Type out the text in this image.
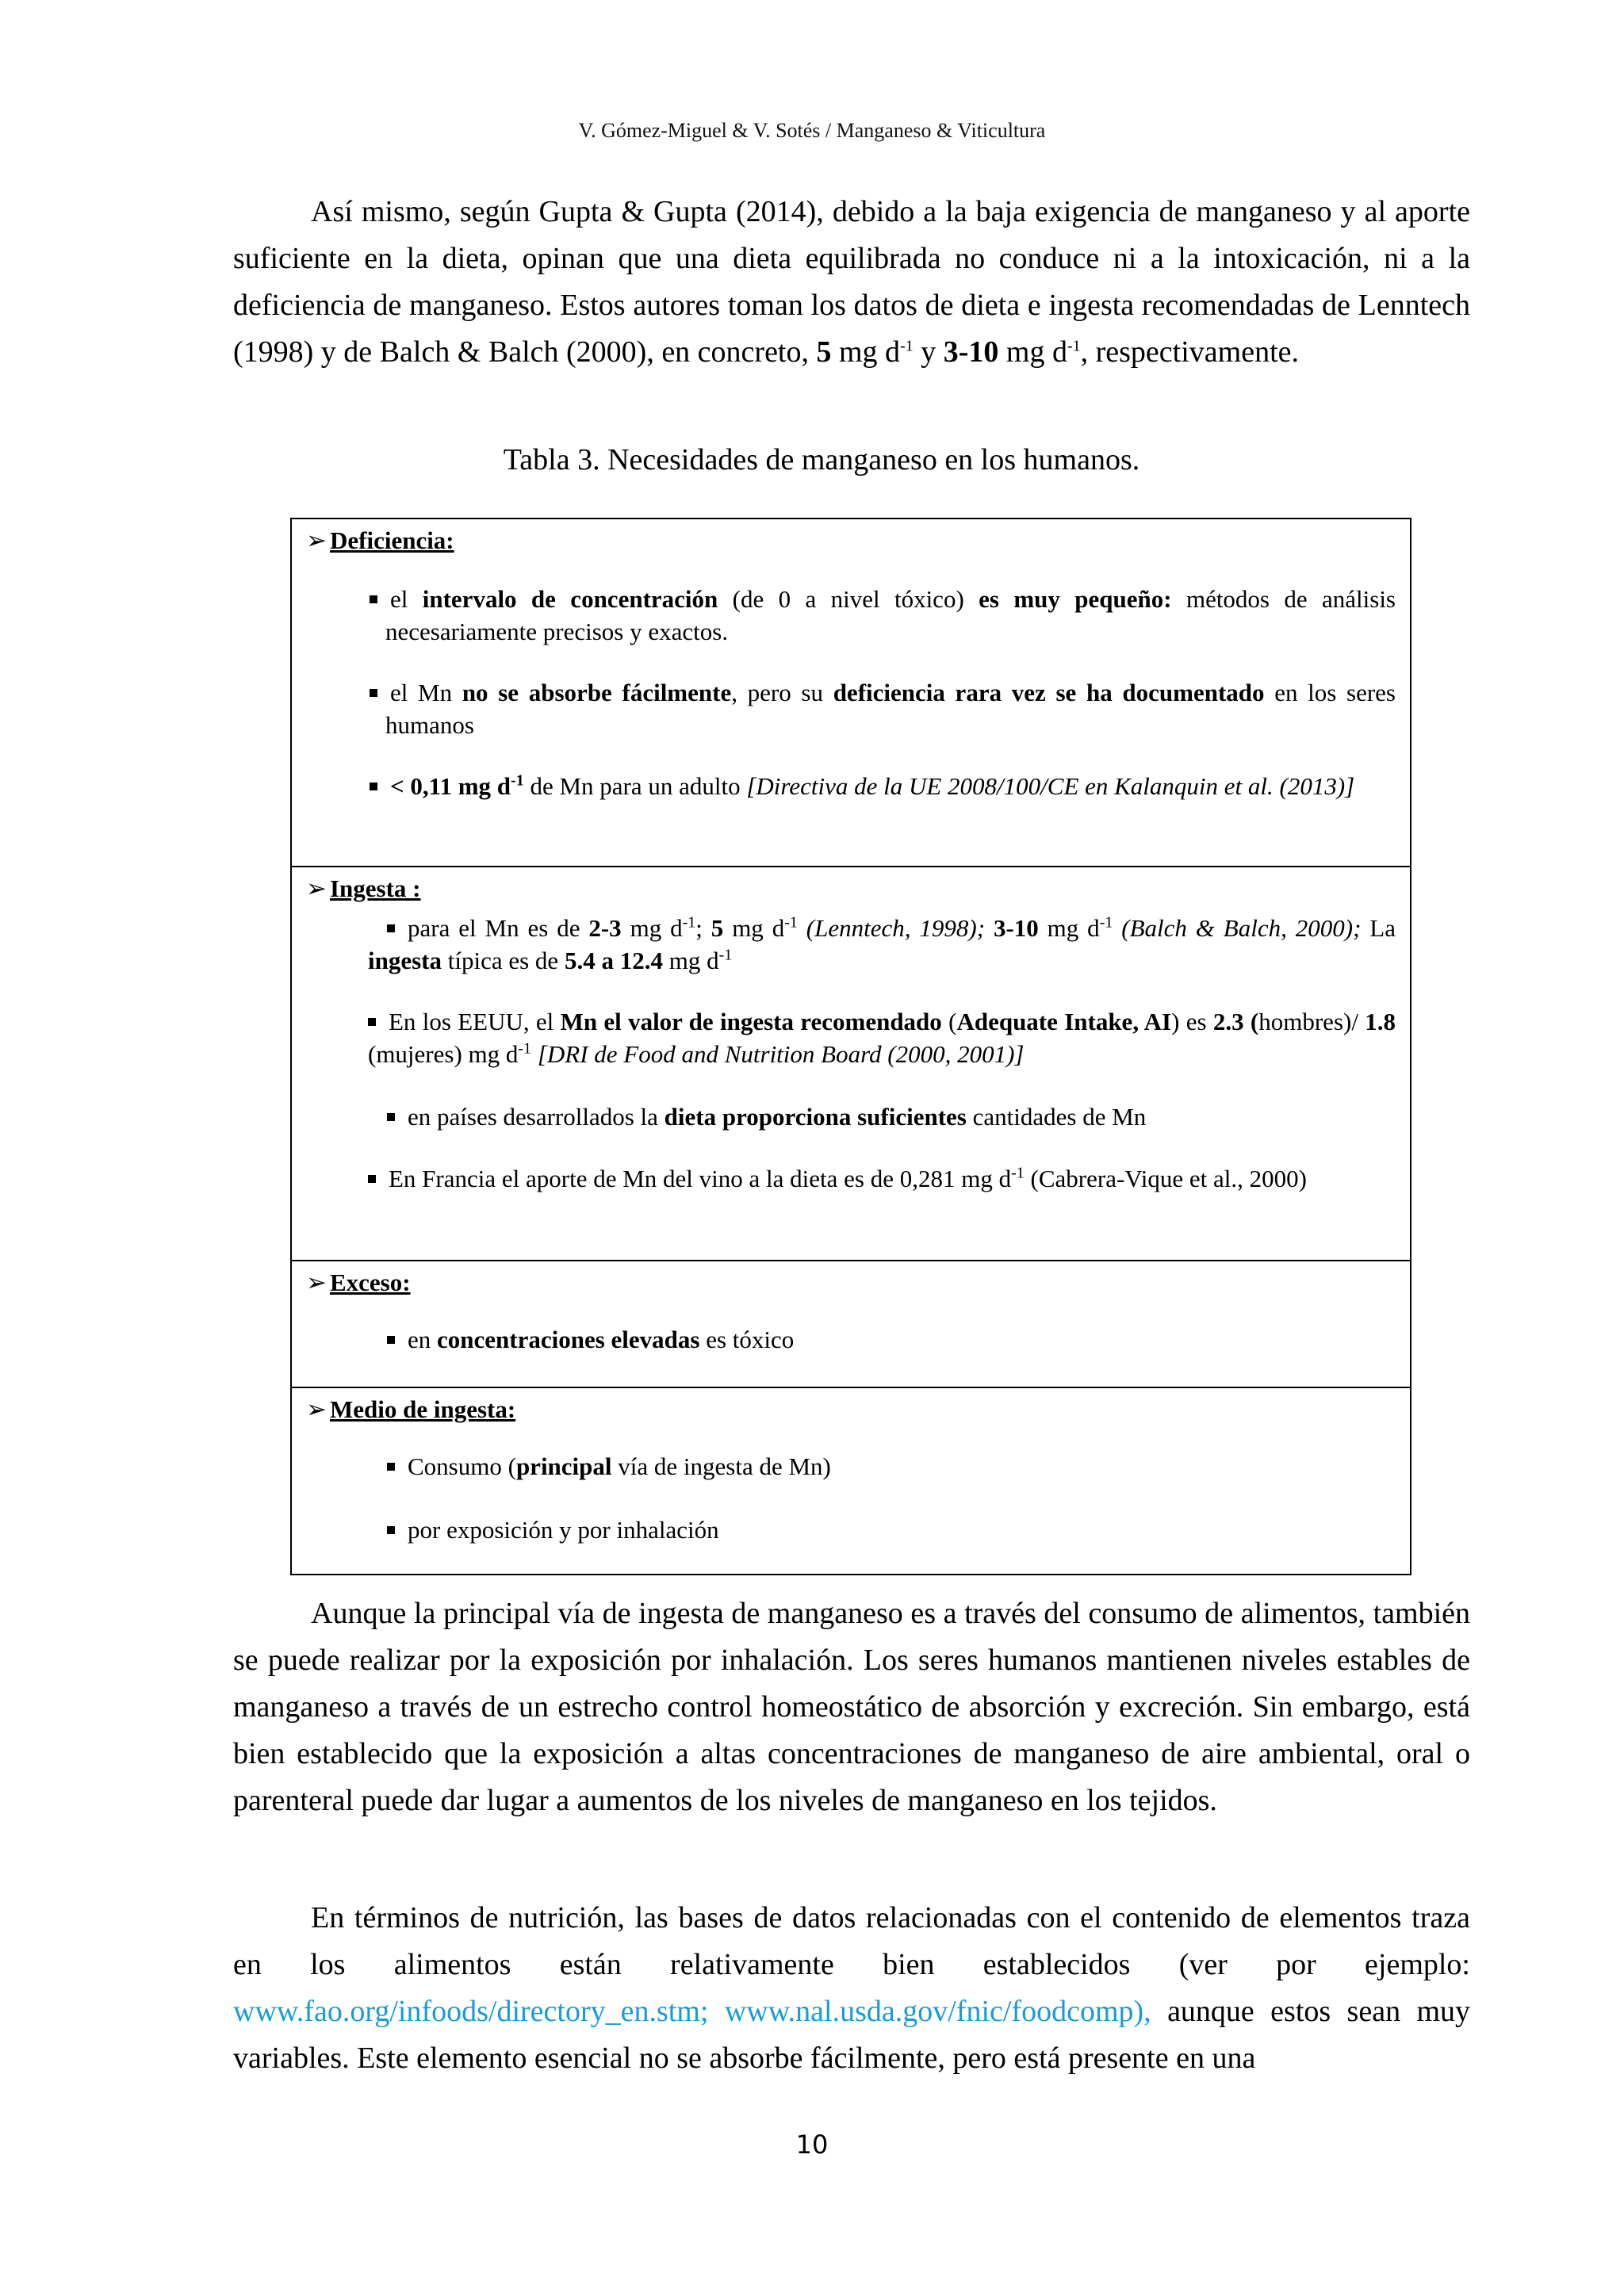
V. Gómez-Miguel & V. Sotés / Manganeso & Viticultura

Así mismo, según Gupta & Gupta (2014), debido a la baja exigencia de manganeso y al aporte suficiente en la dieta, opinan que una dieta equilibrada no conduce ni a la intoxicación, ni a la deficiencia de manganeso. Estos autores toman los datos de dieta e ingesta recomendadas de Lenntech (1998) y de Balch & Balch (2000), en concreto, 5 mg $d^{-1}$ y 3-10 mg $d^{-1}$, respectivamente.

Tabla 3. Necesidades de manganeso en los humanos.
➢ Deficiencia:
el intervalo de concentración (de 0 a nivel tóxico) es muy pequeño: métodos de análisis necesariamente precisos y exactos.
el Mn no se absorbe fácilmente, pero su deficiencia rara vez se ha documentado en los seres humanos
< 0,11 mg $d^{-1}$ de Mn para un adulto [Directiva de la UE 2008/100/CE en Kalanquin et al. (2013)]
➢ Ingesta :
para el Mn es de 2-3 mg $d^{-1}$; 5 mg $d^{-1}$ (Lenntech, 1998); 3-10 mg $d^{-1}$ (Balch & Balch, 2000); La ingesta típica es de 5.4 a 12.4 mg $d^{-1}$
En los EEUU, el Mn el valor de ingesta recomendado (Adequate Intake, AI) es 2.3 (hombres)/ 1.8 (mujeres) mg $d^{-1}$ [DRI de Food and Nutrition Board (2000, 2001)]
en países desarrollados la dieta proporciona suficientes cantidades de Mn
En Francia el aporte de Mn del vino a la dieta es de 0,281 mg $d^{-1}$ (Cabrera-Vique et al., 2000)
➢ Exceso:
en concentraciones elevadas es tóxico
➢ Medio de ingesta:
Consumo (principal vía de ingesta de Mn)
por exposición y por inhalación

Aunque la principal vía de ingesta de manganeso es a través del consumo de alimentos, también se puede realizar por la exposición por inhalación. Los seres humanos mantienen niveles estables de manganeso a través de un estrecho control homeostático de absorción y excreción. Sin embargo, está bien establecido que la exposición a altas concentraciones de manganeso de aire ambiental, oral o parenteral puede dar lugar a aumentos de los niveles de manganeso en los tejidos.

En términos de nutrición, las bases de datos relacionadas con el contenido de elementos traza en los alimentos están relativamente bien establecidos (ver por ejemplo: www.fao.org/infoods/directory_en.stm; www.nal.usda.gov/fnic/foodcomp), aunque estos sean muy variables. Este elemento esencial no se absorbe fácilmente, pero está presente en una

10
